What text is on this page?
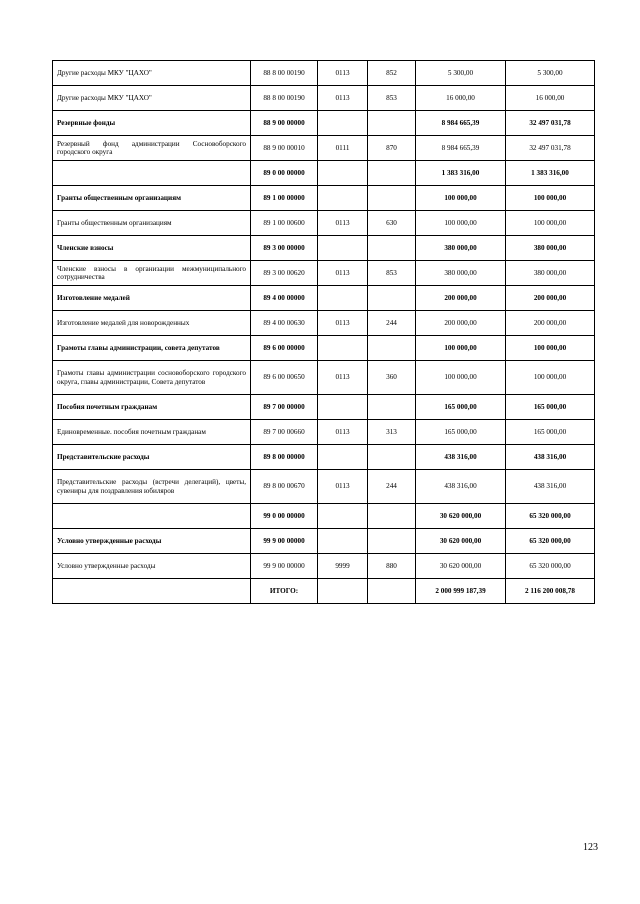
Другие расходы МКУ "ЦАХО"	88 8 00 00190	0113	852	5 300,00	5 300,00
Другие расходы МКУ "ЦАХО"	88 8 00 00190	0113	853	16 000,00	16 000,00
Резервные фонды	88 9 00 00000			8 984 665,39	32 497 031,78
Резервный фонд администрации Сосновоборского городского округа	88 9 00 00010	0111	870	8 984 665,39	32 497 031,78
	89 0 00 00000			1 383 316,00	1 383 316,00
Гранты общественным организациям	89 1 00 00000			100 000,00	100 000,00
Гранты общественным организациям	89 1 00 00600	0113	630	100 000,00	100 000,00
Членские взносы	89 3 00 00000			380 000,00	380 000,00
Членские взносы в организации межмуниципального сотрудничества	89 3 00 00620	0113	853	380 000,00	380 000,00
Изготовление медалей	89 4 00 00000			200 000,00	200 000,00
Изготовление медалей для новорожденных	89 4 00 00630	0113	244	200 000,00	200 000,00
Грамоты главы администрации, совета депутатов	89 6 00 00000			100 000,00	100 000,00
Грамоты главы администрации сосновоборского городского округа, главы администрации, Совета депутатов	89 6 00 00650	0113	360	100 000,00	100 000,00
Пособия почетным гражданам	89 7 00 00000			165 000,00	165 000,00
Единовременные. пособия почетным гражданам	89 7 00 00660	0113	313	165 000,00	165 000,00
Представительские расходы	89 8 00 00000			438 316,00	438 316,00
Представительские расходы (встречи делегаций), цветы, сувениры для поздравления юбиляров	89 8 00 00670	0113	244	438 316,00	438 316,00
	99 0 00 00000			30 620 000,00	65 320 000,00
Условно утвержденные расходы	99 9 00 00000			30 620 000,00	65 320 000,00
Условно утвержденные расходы	99 9 00 00000	9999	880	30 620 000,00	65 320 000,00
	ИТОГО:			2 000 999 187,39	2 116 200 008,78
123
